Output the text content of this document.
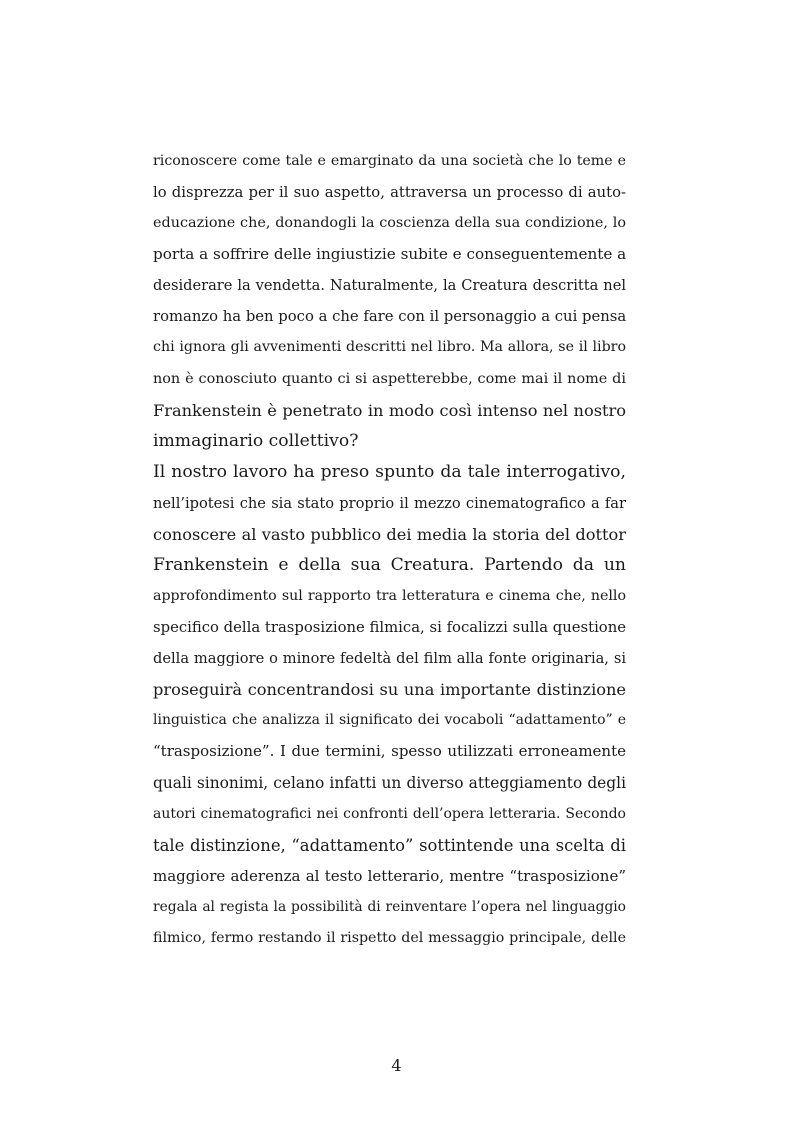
riconoscere come tale e emarginato da una società che lo teme e
lo disprezza per il suo aspetto, attraversa un processo di auto-
educazione che, donandogli la coscienza della sua condizione, lo
porta a soffrire delle ingiustizie subite e conseguentemente a
desiderare la vendetta. Naturalmente, la Creatura descritta nel
romanzo ha ben poco a che fare con il personaggio a cui pensa
chi ignora gli avvenimenti descritti nel libro. Ma allora, se il libro
non è conosciuto quanto ci si aspetterebbe, come mai il nome di
Frankenstein è penetrato in modo così intenso nel nostro
immaginario collettivo?
Il nostro lavoro ha preso spunto da tale interrogativo,
nell’ipotesi che sia stato proprio il mezzo cinematografico a far
conoscere al vasto pubblico dei media la storia del dottor
Frankenstein e della sua Creatura. Partendo da un
approfondimento sul rapporto tra letteratura e cinema che, nello
specifico della trasposizione filmica, si focalizzi sulla questione
della maggiore o minore fedeltà del film alla fonte originaria, si
proseguirà concentrandosi su una importante distinzione
linguistica che analizza il significato dei vocaboli “adattamento” e
“trasposizione”. I due termini, spesso utilizzati erroneamente
quali sinonimi, celano infatti un diverso atteggiamento degli
autori cinematografici nei confronti dell’opera letteraria. Secondo
tale distinzione, “adattamento” sottintende una scelta di
maggiore aderenza al testo letterario, mentre “trasposizione”
regala al regista la possibilità di reinventare l’opera nel linguaggio
filmico, fermo restando il rispetto del messaggio principale, delle
4
